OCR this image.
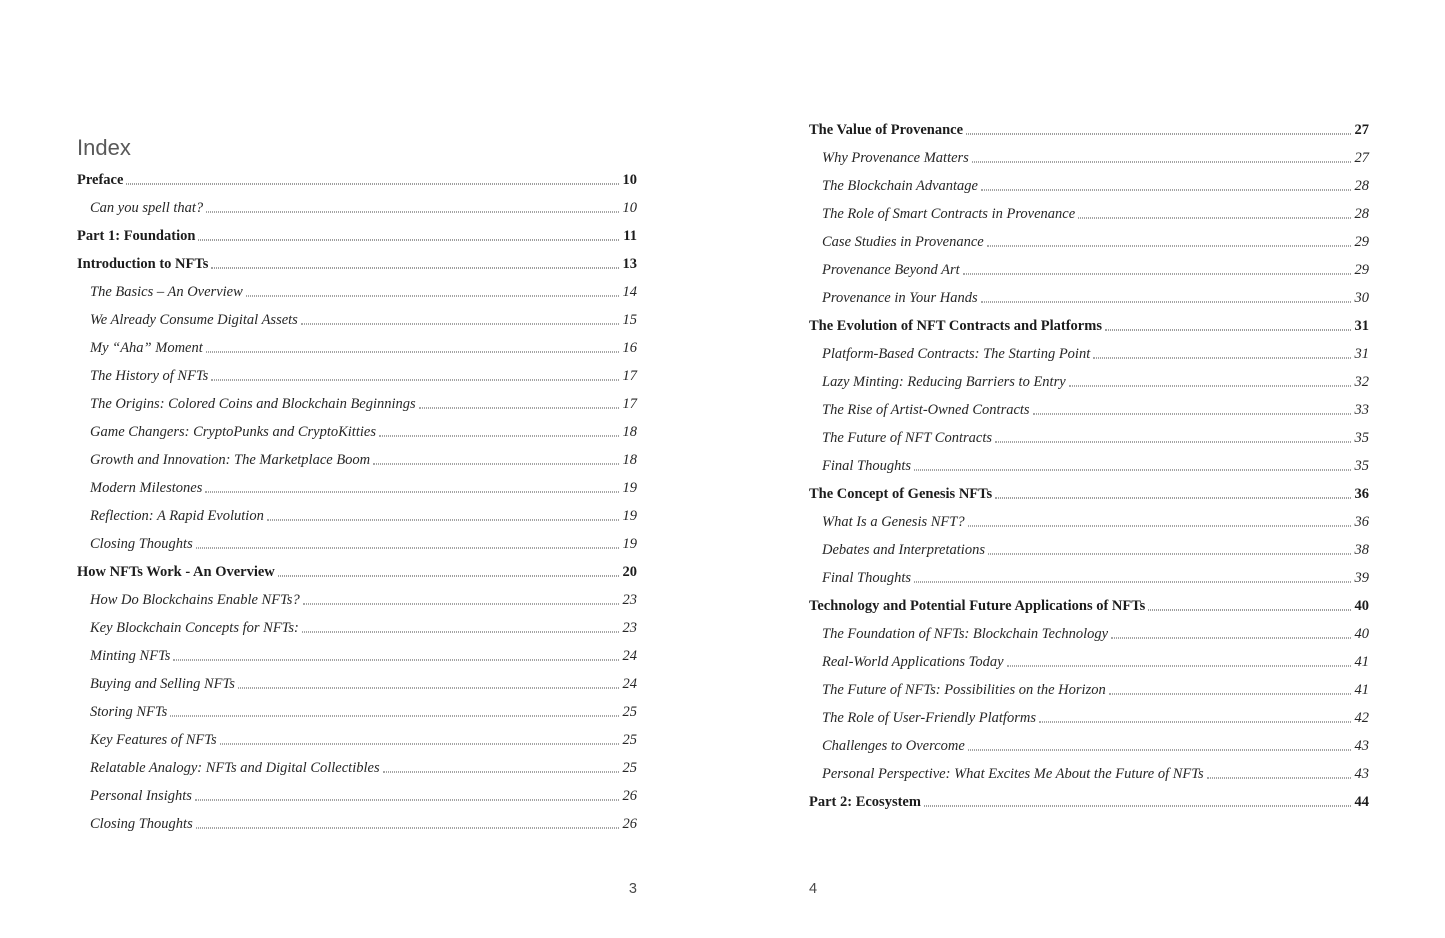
Index
Preface	10
Can you spell that?	10
Part 1: Foundation	11
Introduction to NFTs	13
The Basics – An Overview	14
We Already Consume Digital Assets	15
My “Aha” Moment	16
The History of NFTs	17
The Origins: Colored Coins and Blockchain Beginnings	17
Game Changers: CryptoPunks and CryptoKitties	18
Growth and Innovation: The Marketplace Boom	18
Modern Milestones	19
Reflection: A Rapid Evolution	19
Closing Thoughts	19
How NFTs Work - An Overview	20
How Do Blockchains Enable NFTs?	23
Key Blockchain Concepts for NFTs:	23
Minting NFTs	24
Buying and Selling NFTs	24
Storing NFTs	25
Key Features of NFTs	25
Relatable Analogy: NFTs and Digital Collectibles	25
Personal Insights	26
Closing Thoughts	26
The Value of Provenance	27
Why Provenance Matters	27
The Blockchain Advantage	28
The Role of Smart Contracts in Provenance	28
Case Studies in Provenance	29
Provenance Beyond Art	29
Provenance in Your Hands	30
The Evolution of NFT Contracts and Platforms	31
Platform-Based Contracts: The Starting Point	31
Lazy Minting: Reducing Barriers to Entry	32
The Rise of Artist-Owned Contracts	33
The Future of NFT Contracts	35
Final Thoughts	35
The Concept of Genesis NFTs	36
What Is a Genesis NFT?	36
Debates and Interpretations	38
Final Thoughts	39
Technology and Potential Future Applications of NFTs	40
The Foundation of NFTs: Blockchain Technology	40
Real-World Applications Today	41
The Future of NFTs: Possibilities on the Horizon	41
The Role of User-Friendly Platforms	42
Challenges to Overcome	43
Personal Perspective: What Excites Me About the Future of NFTs	43
Part 2: Ecosystem	44
3	4
